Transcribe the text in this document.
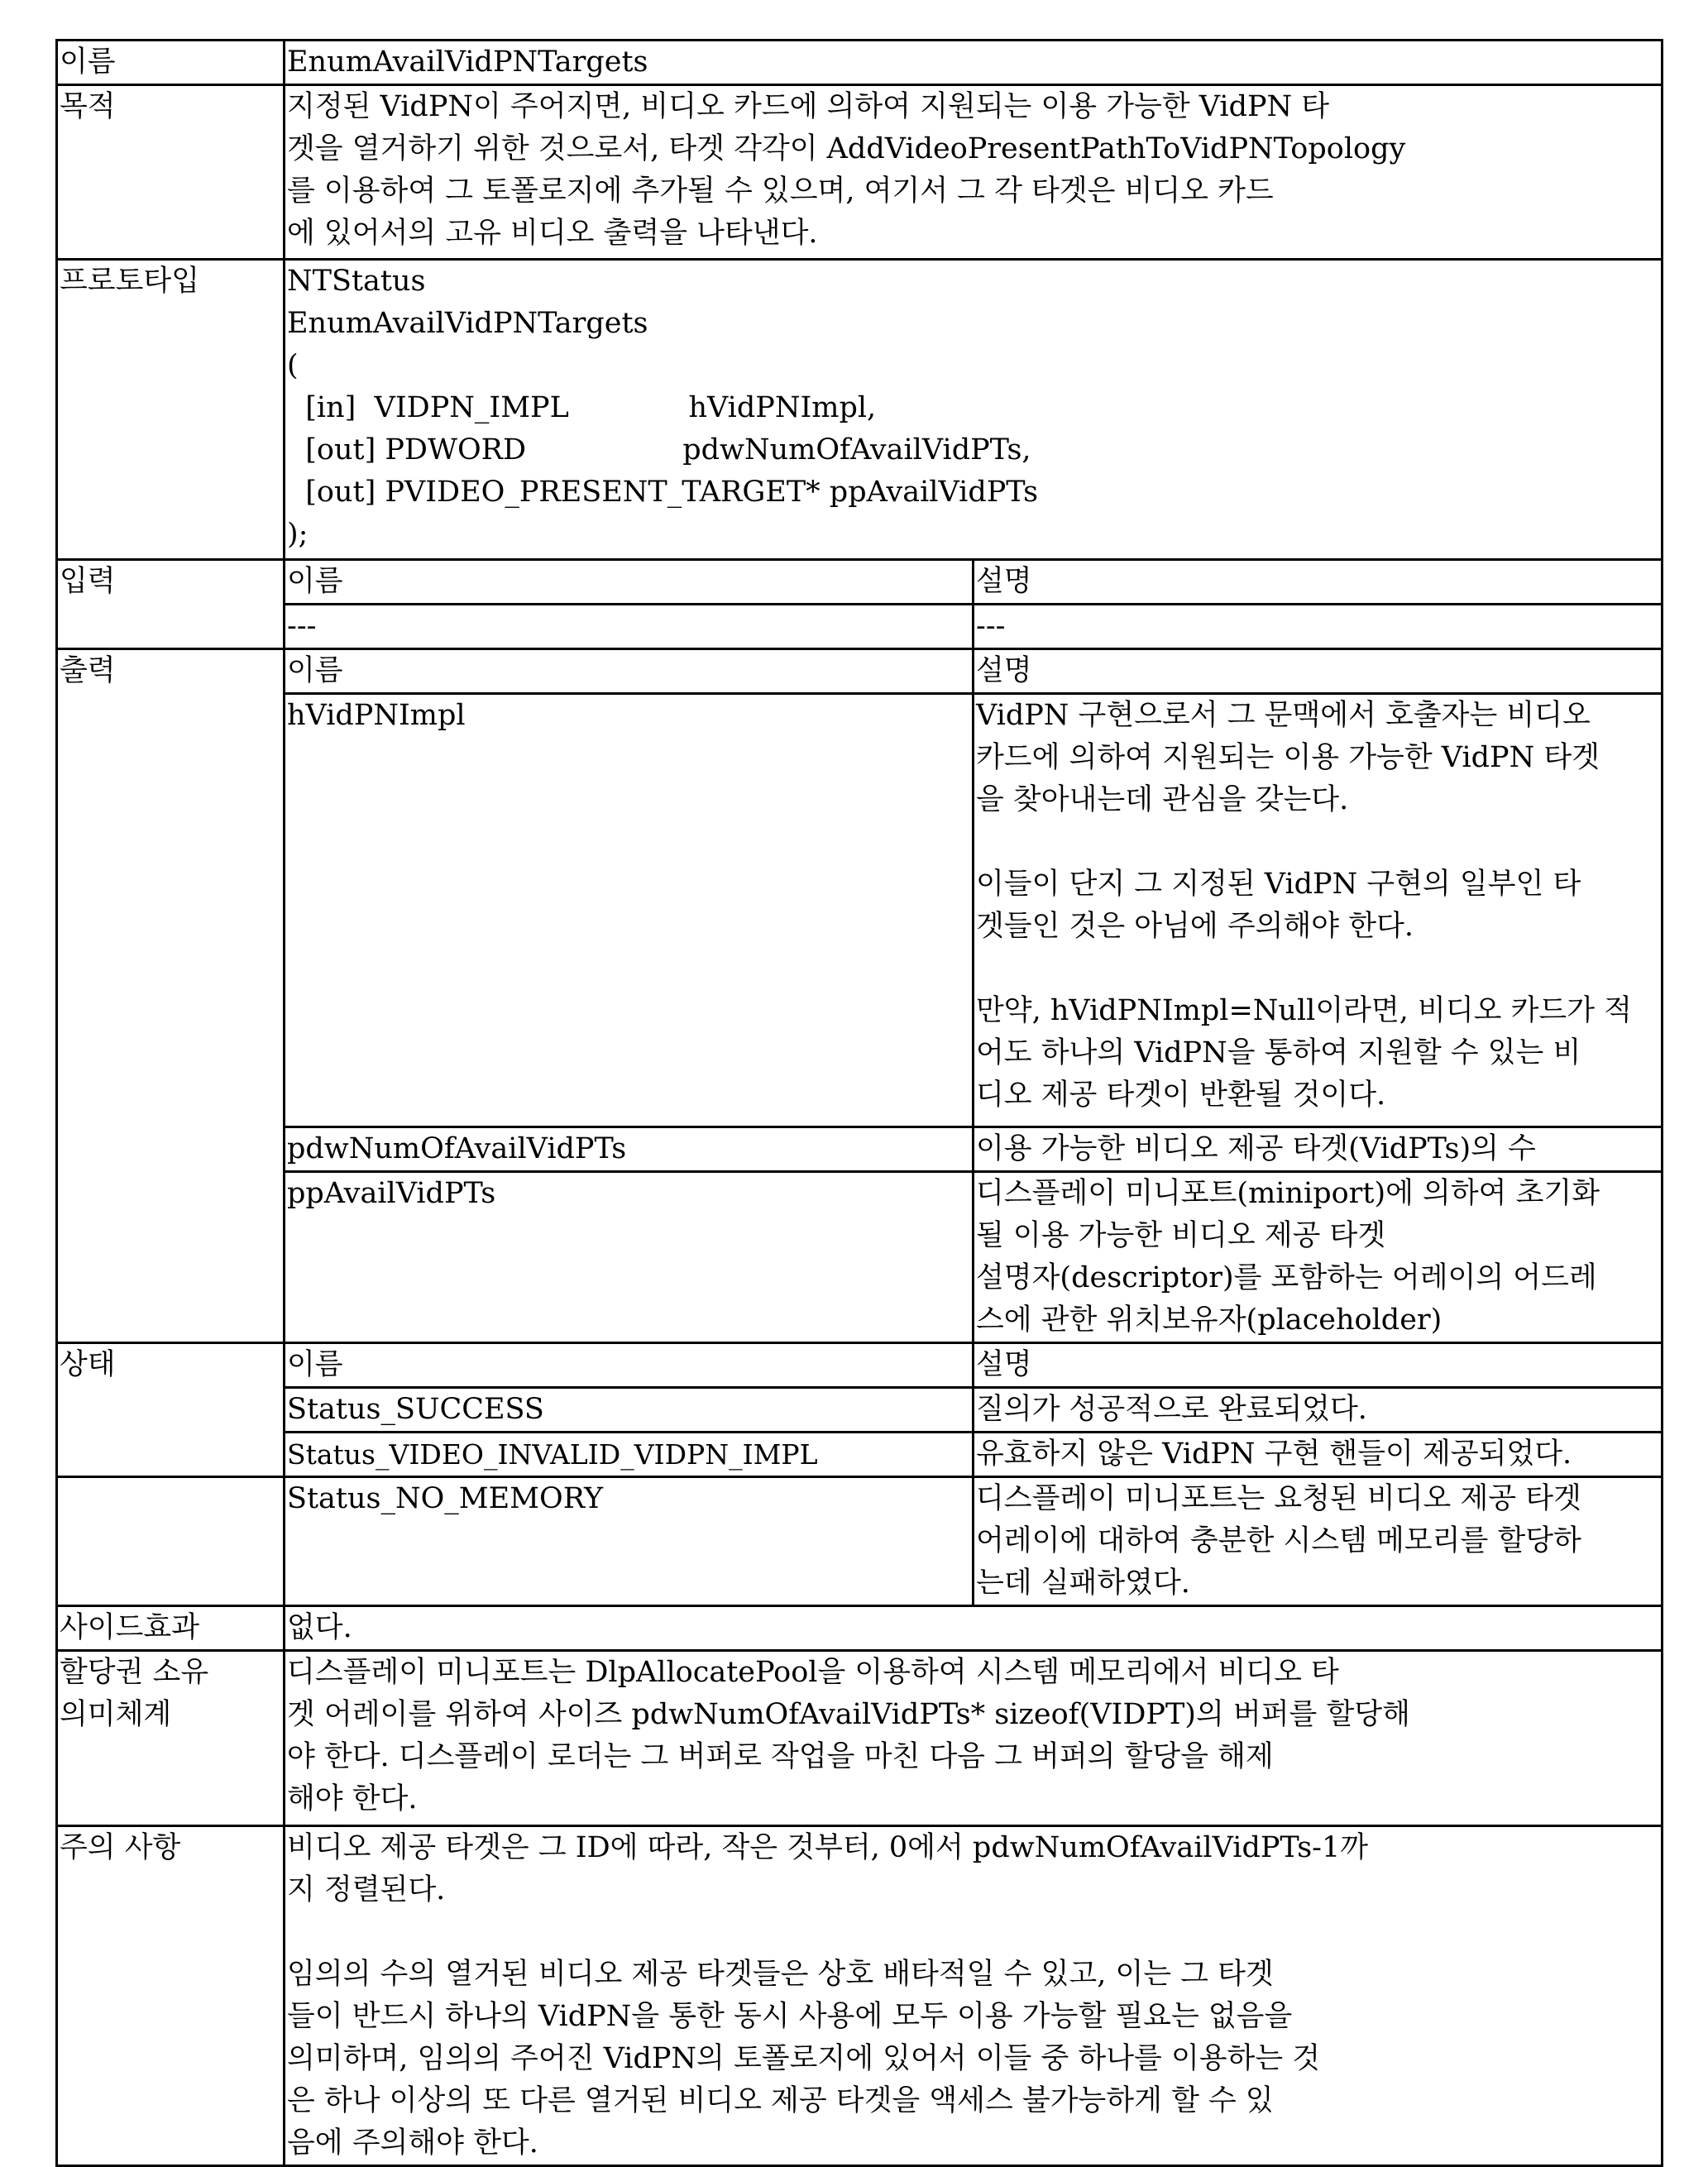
이름	EnumAvailVidPNTargets
목적	지정된 VidPN이 주어지면, 비디오 카드에 의하여 지원되는 이용 가능한 VidPN 타
겟을 열거하기 위한 것으로서, 타겟 각각이 AddVideoPresentPathToVidPNTopology
를 이용하여 그 토폴로지에 추가될 수 있으며, 여기서 그 각 타겟은 비디오 카드
에 있어서의 고유 비디오 출력을 나타낸다.

프로토타입	NTStatus
EnumAvailVidPNTargets
(
[in]  VIDPN_IMPL             hVidPNImpl,
[out] PDWORD                 pdwNumOfAvailVidPTs,
[out] PVIDEO_PRESENT_TARGET* ppAvailVidPTs
);

입력	이름	설명
---	---

출력	이름	설명
hVidPNImpl	VidPN 구현으로서 그 문맥에서 호출자는 비디오
카드에 의하여 지원되는 이용 가능한 VidPN 타겟
을 찾아내는데 관심을 갖는다.
이들이 단지 그 지정된 VidPN 구현의 일부인 타
겟들인 것은 아님에 주의해야 한다.
만약, hVidPNImpl=Null이라면, 비디오 카드가 적
어도 하나의 VidPN을 통하여 지원할 수 있는 비
디오 제공 타겟이 반환될 것이다.

pdwNumOfAvailVidPTs	이용 가능한 비디오 제공 타겟(VidPTs)의 수

ppAvailVidPTs	디스플레이 미니포트(miniport)에 의하여 초기화
될 이용 가능한 비디오 제공 타겟
설명자(descriptor)를 포함하는 어레이의 어드레
스에 관한 위치보유자(placeholder)

상태	이름	설명
Status_SUCCESS	질의가 성공적으로 완료되었다.

Status_VIDEO_INVALID_VIDPN_IMPL	유효하지 않은 VidPN 구현 핸들이 제공되었다.

	Status_NO_MEMORY	디스플레이 미니포트는 요청된 비디오 제공 타겟
어레이에 대하여 충분한 시스템 메모리를 할당하
는데 실패하였다.

사이드효과	없다.

할당권 소유
의미체계

디스플레이 미니포트는 DlpAllocatePool을 이용하여 시스템 메모리에서 비디오 타
겟 어레이를 위하여 사이즈 pdwNumOfAvailVidPTs* sizeof(VIDPT)의 버퍼를 할당해
야 한다. 디스플레이 로더는 그 버퍼로 작업을 마친 다음 그 버퍼의 할당을 해제
해야 한다.

주의 사항	비디오 제공 타겟은 그 ID에 따라, 작은 것부터, 0에서 pdwNumOfAvailVidPTs-1까
지 정렬된다.
임의의 수의 열거된 비디오 제공 타겟들은 상호 배타적일 수 있고, 이는 그 타겟
들이 반드시 하나의 VidPN을 통한 동시 사용에 모두 이용 가능할 필요는 없음을
의미하며, 임의의 주어진 VidPN의 토폴로지에 있어서 이들 중 하나를 이용하는 것
은 하나 이상의 또 다른 열거된 비디오 제공 타겟을 액세스 불가능하게 할 수 있
음에 주의해야 한다.
